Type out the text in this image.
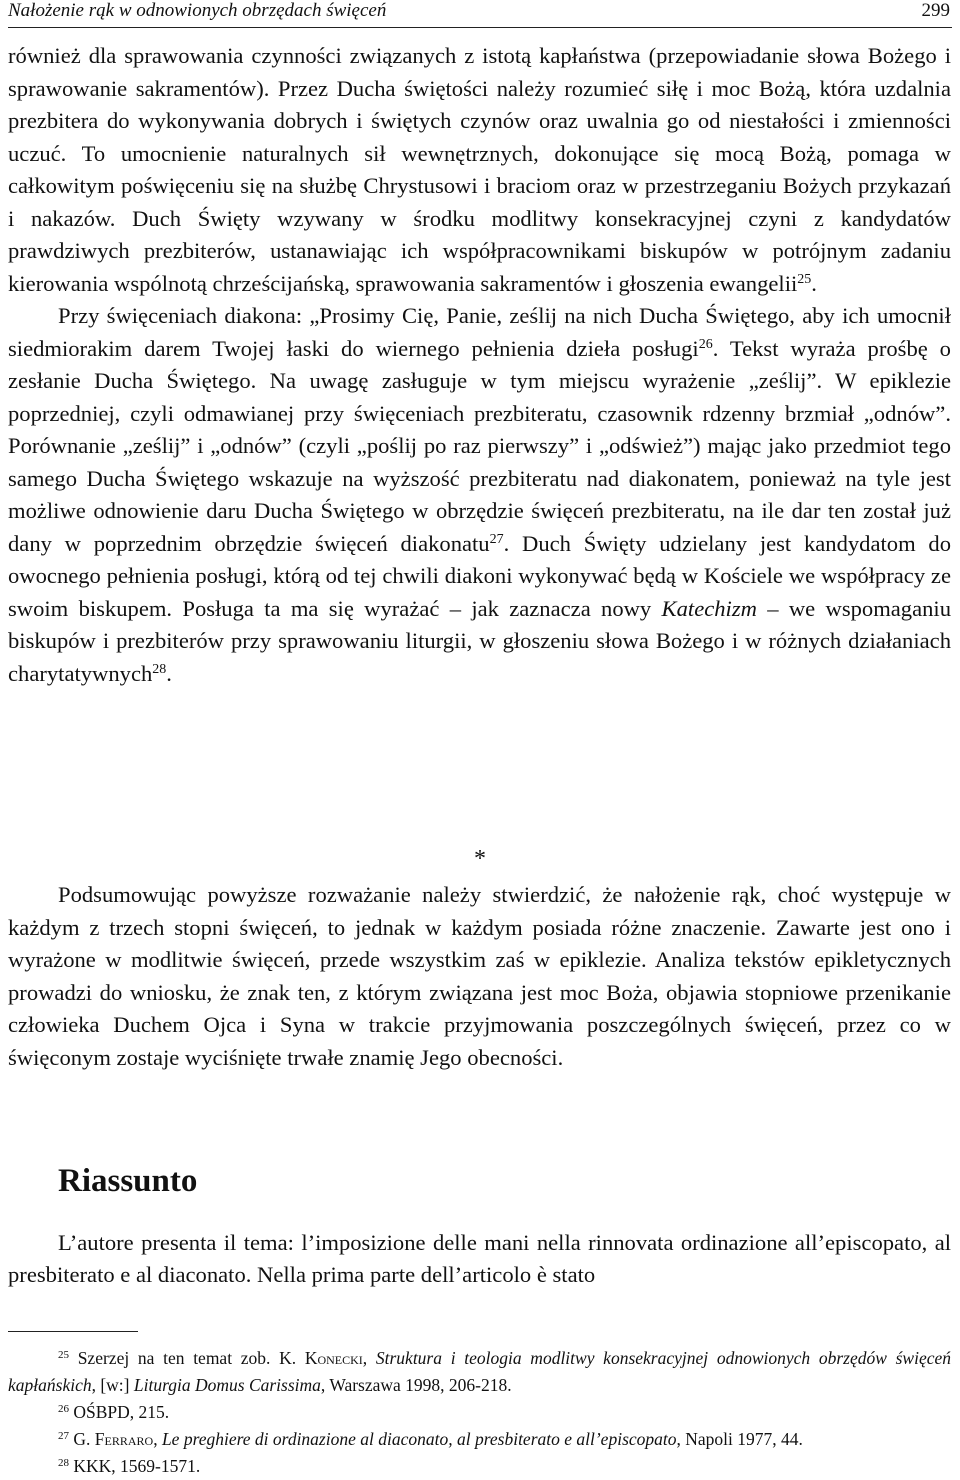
Nałożenie rąk w odnowionych obrzędach święceń	299

również dla sprawowania czynności związanych z istotą kapłaństwa (przepowiadanie słowa Bożego i sprawowanie sakramentów). Przez Ducha świętości należy rozumieć siłę i moc Bożą, która uzdalnia prezbitera do wykonywania dobrych i świętych czynów oraz uwalnia go od niestałości i zmienności uczuć. To umocnienie naturalnych sił wewnętrznych, dokonujące się mocą Bożą, pomaga w całkowitym poświęceniu się na służbę Chrystusowi i braciom oraz w przestrzeganiu Bożych przykazań i nakazów. Duch Święty wzywany w środku modlitwy konsekracyjnej czyni z kandydatów prawdziwych prezbiterów, ustanawiając ich współpracownikami biskupów w potrójnym zadaniu kierowania wspólnotą chrześcijańską, sprawowania sakramentów i głoszenia ewangelii$^{25}$.

Przy święceniach diakona: „Prosimy Cię, Panie, ześlij na nich Ducha Świętego, aby ich umocnił siedmiorakim darem Twojej łaski do wiernego pełnienia dzieła posługi$^{26}$. Tekst wyraża prośbę o zesłanie Ducha Świętego. Na uwagę zasługuje w tym miejscu wyrażenie „ześlij”. W epiklezie poprzedniej, czyli odmawianej przy święceniach prezbiteratu, czasownik rdzenny brzmiał „odnów”. Porównanie „ześlij” i „odnów” (czyli „poślij po raz pierwszy” i „odśwież”) mając jako przedmiot tego samego Ducha Świętego wskazuje na wyższość prezbiteratu nad diakonatem, ponieważ na tyle jest możliwe odnowienie daru Ducha Świętego w obrzędzie święceń prezbiteratu, na ile dar ten został już dany w poprzednim obrzędzie święceń diakonatu$^{27}$. Duch Święty udzielany jest kandydatom do owocnego pełnienia posługi, którą od tej chwili diakoni wykonywać będą w Kościele we współpracy ze swoim biskupem. Posługa ta ma się wyrażać – jak zaznacza nowy Katechizm – we wspomaganiu biskupów i prezbiterów przy sprawowaniu liturgii, w głoszeniu słowa Bożego i w różnych działaniach charytatywnych$^{28}$.

*

Podsumowując powyższe rozważanie należy stwierdzić, że nałożenie rąk, choć występuje w każdym z trzech stopni święceń, to jednak w każdym posiada różne znaczenie. Zawarte jest ono i wyrażone w modlitwie święceń, przede wszystkim zaś w epiklezie. Analiza tekstów epikletycznych prowadzi do wniosku, że znak ten, z którym związana jest moc Boża, objawia stopniowe przenikanie człowieka Duchem Ojca i Syna w trakcie przyjmowania poszczególnych święceń, przez co w święconym zostaje wyciśnięte trwałe znamię Jego obecności.

Riassunto

L’autore presenta il tema: l’imposizione delle mani nella rinnovata ordinazione all’episcopato, al presbiterato e al diaconato. Nella prima parte dell’articolo è stato

$^{25}$ Szerzej na ten temat zob. K. Konecki, Struktura i teologia modlitwy konsekracyjnej odnowionych obrzędów święceń kapłańskich, [w:] Liturgia Domus Carissima, Warszawa 1998, 206-218.

$^{26}$ OŚBPD, 215.

$^{27}$ G. Ferraro, Le preghiere di ordinazione al diaconato, al presbiterato e all’episcopato, Napoli 1977, 44.

$^{28}$ KKK, 1569-1571.
